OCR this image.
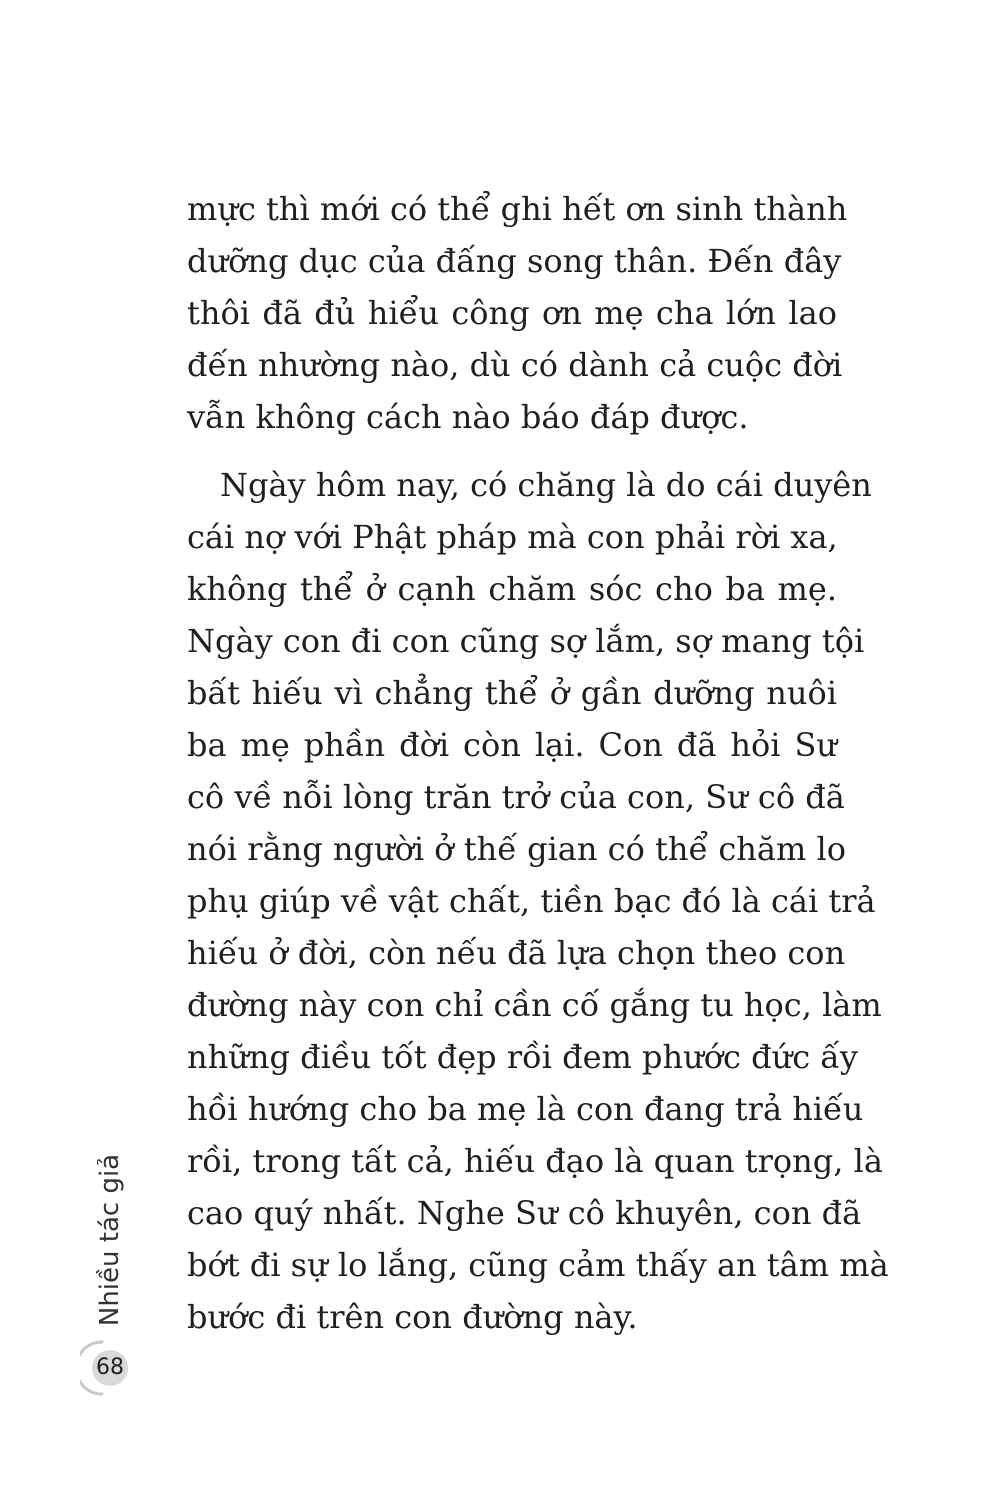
mực thì mới có thể ghi hết ơn sinh thành
dưỡng dục của đấng song thân. Đến đây
thôi đã đủ hiểu công ơn mẹ cha lớn lao
đến nhường nào, dù có dành cả cuộc đời
vẫn không cách nào báo đáp được.
Ngày hôm nay, có chăng là do cái duyên
cái nợ với Phật pháp mà con phải rời xa,
không thể ở cạnh chăm sóc cho ba mẹ.
Ngày con đi con cũng sợ lắm, sợ mang tội
bất hiếu vì chẳng thể ở gần dưỡng nuôi
ba mẹ phần đời còn lại. Con đã hỏi Sư
cô về nỗi lòng trăn trở của con, Sư cô đã
nói rằng người ở thế gian có thể chăm lo
phụ giúp về vật chất, tiền bạc đó là cái trả
hiếu ở đời, còn nếu đã lựa chọn theo con
đường này con chỉ cần cố gắng tu học, làm
những điều tốt đẹp rồi đem phước đức ấy
hồi hướng cho ba mẹ là con đang trả hiếu
rồi, trong tất cả, hiếu đạo là quan trọng, là
cao quý nhất. Nghe Sư cô khuyên, con đã
bớt đi sự lo lắng, cũng cảm thấy an tâm mà
bước đi trên con đường này.
Nhiều tác giả
68
